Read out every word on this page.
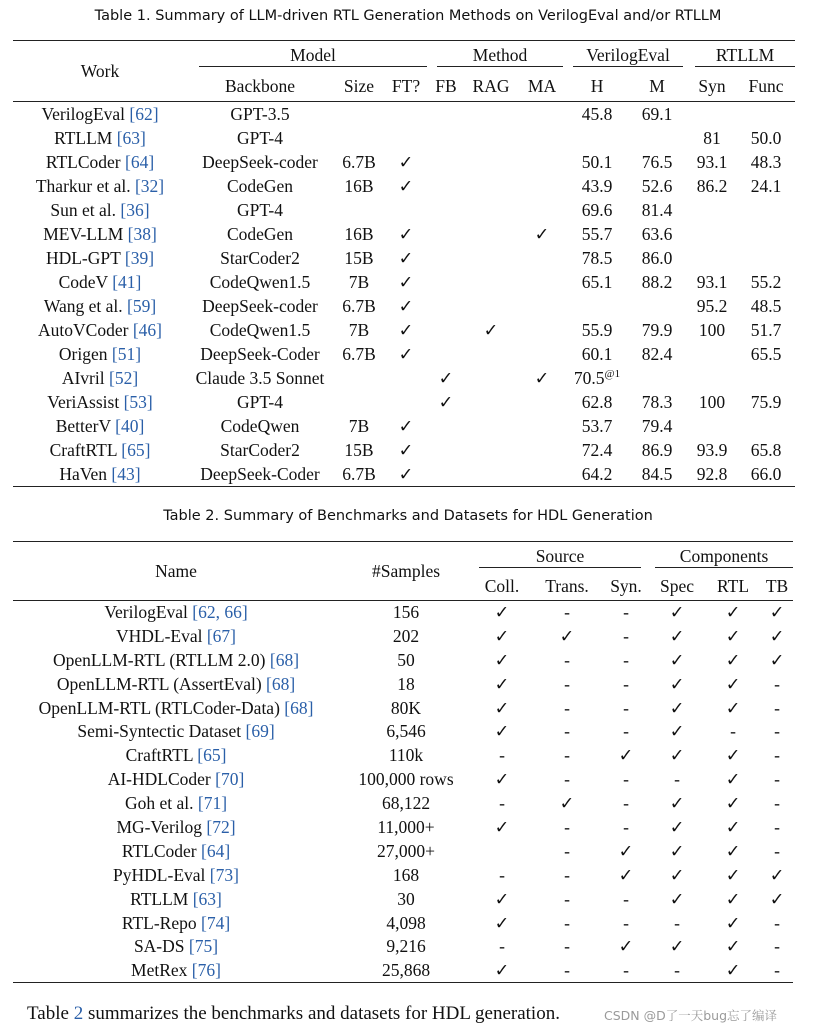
Table 1. Summary of LLM-driven RTL Generation Methods on VerilogEval and/or RTLLM
Work	Model			Method			VerilogEval		RTLLM	

	Backbone	Size	FT?	FB	RAG	MA	H	M	Syn	Func
VerilogEval [62]	GPT-3.5						45.8	69.1		
RTLLM [63]	GPT-4								81	50.0
RTLCoder [64]	DeepSeek-coder	6.7B	✓				50.1	76.5	93.1	48.3
Tharkur et al. [32]	CodeGen	16B	✓				43.9	52.6	86.2	24.1
Sun et al. [36]	GPT-4						69.6	81.4		
MEV-LLM [38]	CodeGen	16B	✓			✓	55.7	63.6		
HDL-GPT [39]	StarCoder2	15B	✓				78.5	86.0		
CodeV [41]	CodeQwen1.5	7B	✓				65.1	88.2	93.1	55.2
Wang et al. [59]	DeepSeek-coder	6.7B	✓						95.2	48.5
AutoVCoder [46]	CodeQwen1.5	7B	✓		✓		55.9	79.9	100	51.7
Origen [51]	DeepSeek-Coder	6.7B	✓				60.1	82.4		65.5
AIvril [52]	Claude 3.5 Sonnet			✓		✓	$70.5^{@1}$			
VeriAssist [53]	GPT-4			✓			62.8	78.3	100	75.9
BetterV [40]	CodeQwen	7B	✓				53.7	79.4		
CraftRTL [65]	StarCoder2	15B	✓				72.4	86.9	93.9	65.8
HaVen [43]	DeepSeek-Coder	6.7B	✓				64.2	84.5	92.8	66.0
Table 2. Summary of Benchmarks and Datasets for HDL Generation
Name	#Samples	Source			Components		

		Coll.	Trans.	Syn.	Spec	RTL	TB
VerilogEval [62, 66]	156	✓	-	-	✓	✓	✓
VHDL-Eval [67]	202	✓	✓	-	✓	✓	✓
OpenLLM-RTL (RTLLM 2.0) [68]	50	✓	-	-	✓	✓	✓
OpenLLM-RTL (AssertEval) [68]	18	✓	-	-	✓	✓	-
OpenLLM-RTL (RTLCoder-Data) [68]	80K	✓	-	-	✓	✓	-
Semi-Syntectic Dataset [69]	6,546	✓	-	-	✓	-	-
CraftRTL [65]	110k	-	-	✓	✓	✓	-
AI-HDLCoder [70]	100,000 rows	✓	-	-	-	✓	-
Goh et al. [71]	68,122	-	✓	-	✓	✓	-
MG-Verilog [72]	11,000+	✓	-	-	✓	✓	-
RTLCoder [64]	27,000+		-	✓	✓	✓	-
PyHDL-Eval [73]	168	-	-	✓	✓	✓	✓
RTLLM [63]	30	✓	-	-	✓	✓	✓
RTL-Repo [74]	4,098	✓	-	-	-	✓	-
SA-DS [75]	9,216	-	-	✓	✓	✓	-
MetRex [76]	25,868	✓	-	-	-	✓	-
Table 2 summarizes the benchmarks and datasets for HDL generation.	CSDN @D了一天bug忘了编译
